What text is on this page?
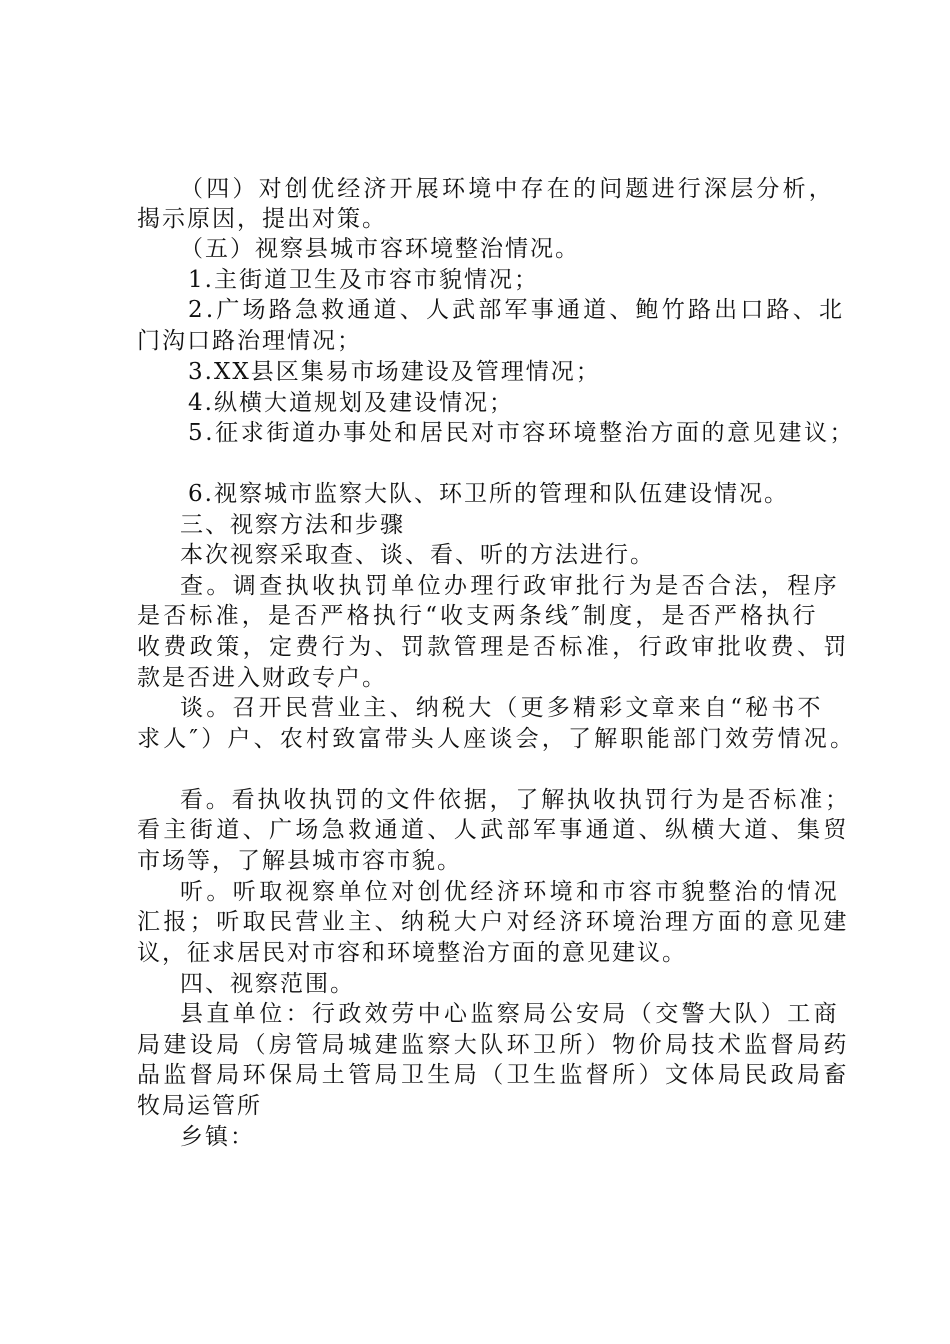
（四）对创优经济开展环境中存在的问题进行深层分析，
揭示原因，提出对策。
（五）视察县城市容环境整治情况。
1.主街道卫生及市容市貌情况；
2.广场路急救通道、人武部军事通道、鲍竹路出口路、北
门沟口路治理情况；
3.XX县区集易市场建设及管理情况；
4.纵横大道规划及建设情况；
5.征求街道办事处和居民对市容环境整治方面的意见建议；
6.视察城市监察大队、环卫所的管理和队伍建设情况。
三、视察方法和步骤
本次视察采取查、谈、看、听的方法进行。
查。调查执收执罚单位办理行政审批行为是否合法，程序
是否标准，是否严格执行“收支两条线″制度，是否严格执行
收费政策，定费行为、罚款管理是否标准，行政审批收费、罚
款是否进入财政专户。
谈。召开民营业主、纳税大（更多精彩文章来自“秘书不
求人″）户、农村致富带头人座谈会，了解职能部门效劳情况。
看。看执收执罚的文件依据，了解执收执罚行为是否标准；
看主街道、广场急救通道、人武部军事通道、纵横大道、集贸
市场等，了解县城市容市貌。
听。听取视察单位对创优经济环境和市容市貌整治的情况
汇报；听取民营业主、纳税大户对经济环境治理方面的意见建
议，征求居民对市容和环境整治方面的意见建议。
四、视察范围。
县直单位：行政效劳中心监察局公安局（交警大队）工商
局建设局（房管局城建监察大队环卫所）物价局技术监督局药
品监督局环保局土管局卫生局（卫生监督所）文体局民政局畜
牧局运管所
乡镇：
